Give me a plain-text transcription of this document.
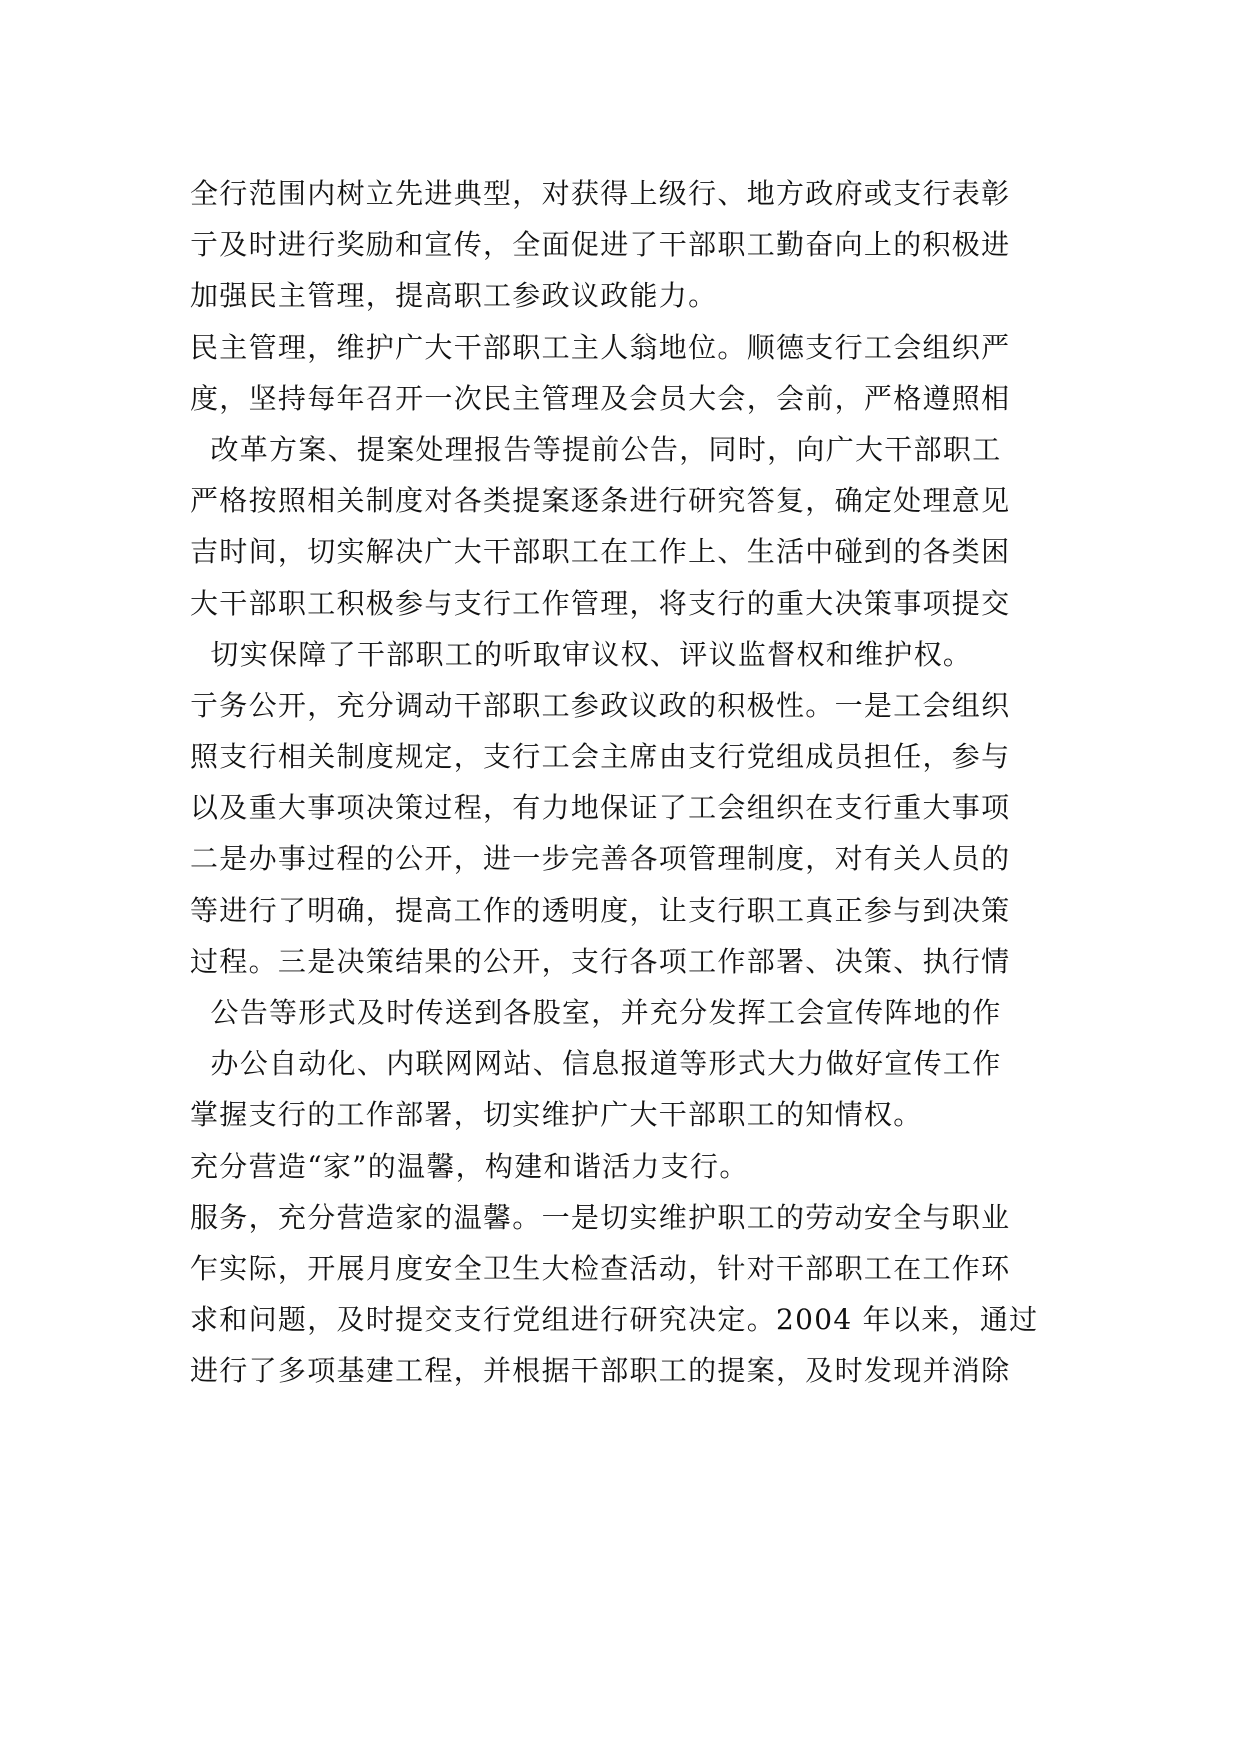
全行范围内树立先进典型，对获得上级行、地方政府或支行表彰
亍及时进行奖励和宣传，全面促进了干部职工勤奋向上的积极进
加强民主管理，提高职工参政议政能力。
民主管理，维护广大干部职工主人翁地位。顺德支行工会组织严
度，坚持每年召开一次民主管理及会员大会，会前，严格遵照相
改革方案、提案处理报告等提前公告，同时，向广大干部职工
严格按照相关制度对各类提案逐条进行研究答复，确定处理意见
吉时间，切实解决广大干部职工在工作上、生活中碰到的各类困
大干部职工积极参与支行工作管理，将支行的重大决策事项提交
切实保障了干部职工的听取审议权、评议监督权和维护权。
亍务公开，充分调动干部职工参政议政的积极性。一是工会组织
照支行相关制度规定，支行工会主席由支行党组成员担任，参与
以及重大事项决策过程，有力地保证了工会组织在支行重大事项
二是办事过程的公开，进一步完善各项管理制度，对有关人员的
等进行了明确，提高工作的透明度，让支行职工真正参与到决策
过程。三是决策结果的公开，支行各项工作部署、决策、执行情
公告等形式及时传送到各股室，并充分发挥工会宣传阵地的作
办公自动化、内联网网站、信息报道等形式大力做好宣传工作
掌握支行的工作部署，切实维护广大干部职工的知情权。
充分营造“家”的温馨，构建和谐活力支行。
服务，充分营造家的温馨。一是切实维护职工的劳动安全与职业
乍实际，开展月度安全卫生大检查活动，针对干部职工在工作环
求和问题，及时提交支行党组进行研究决定。2004 年以来，通过
进行了多项基建工程，并根据干部职工的提案，及时发现并消除
